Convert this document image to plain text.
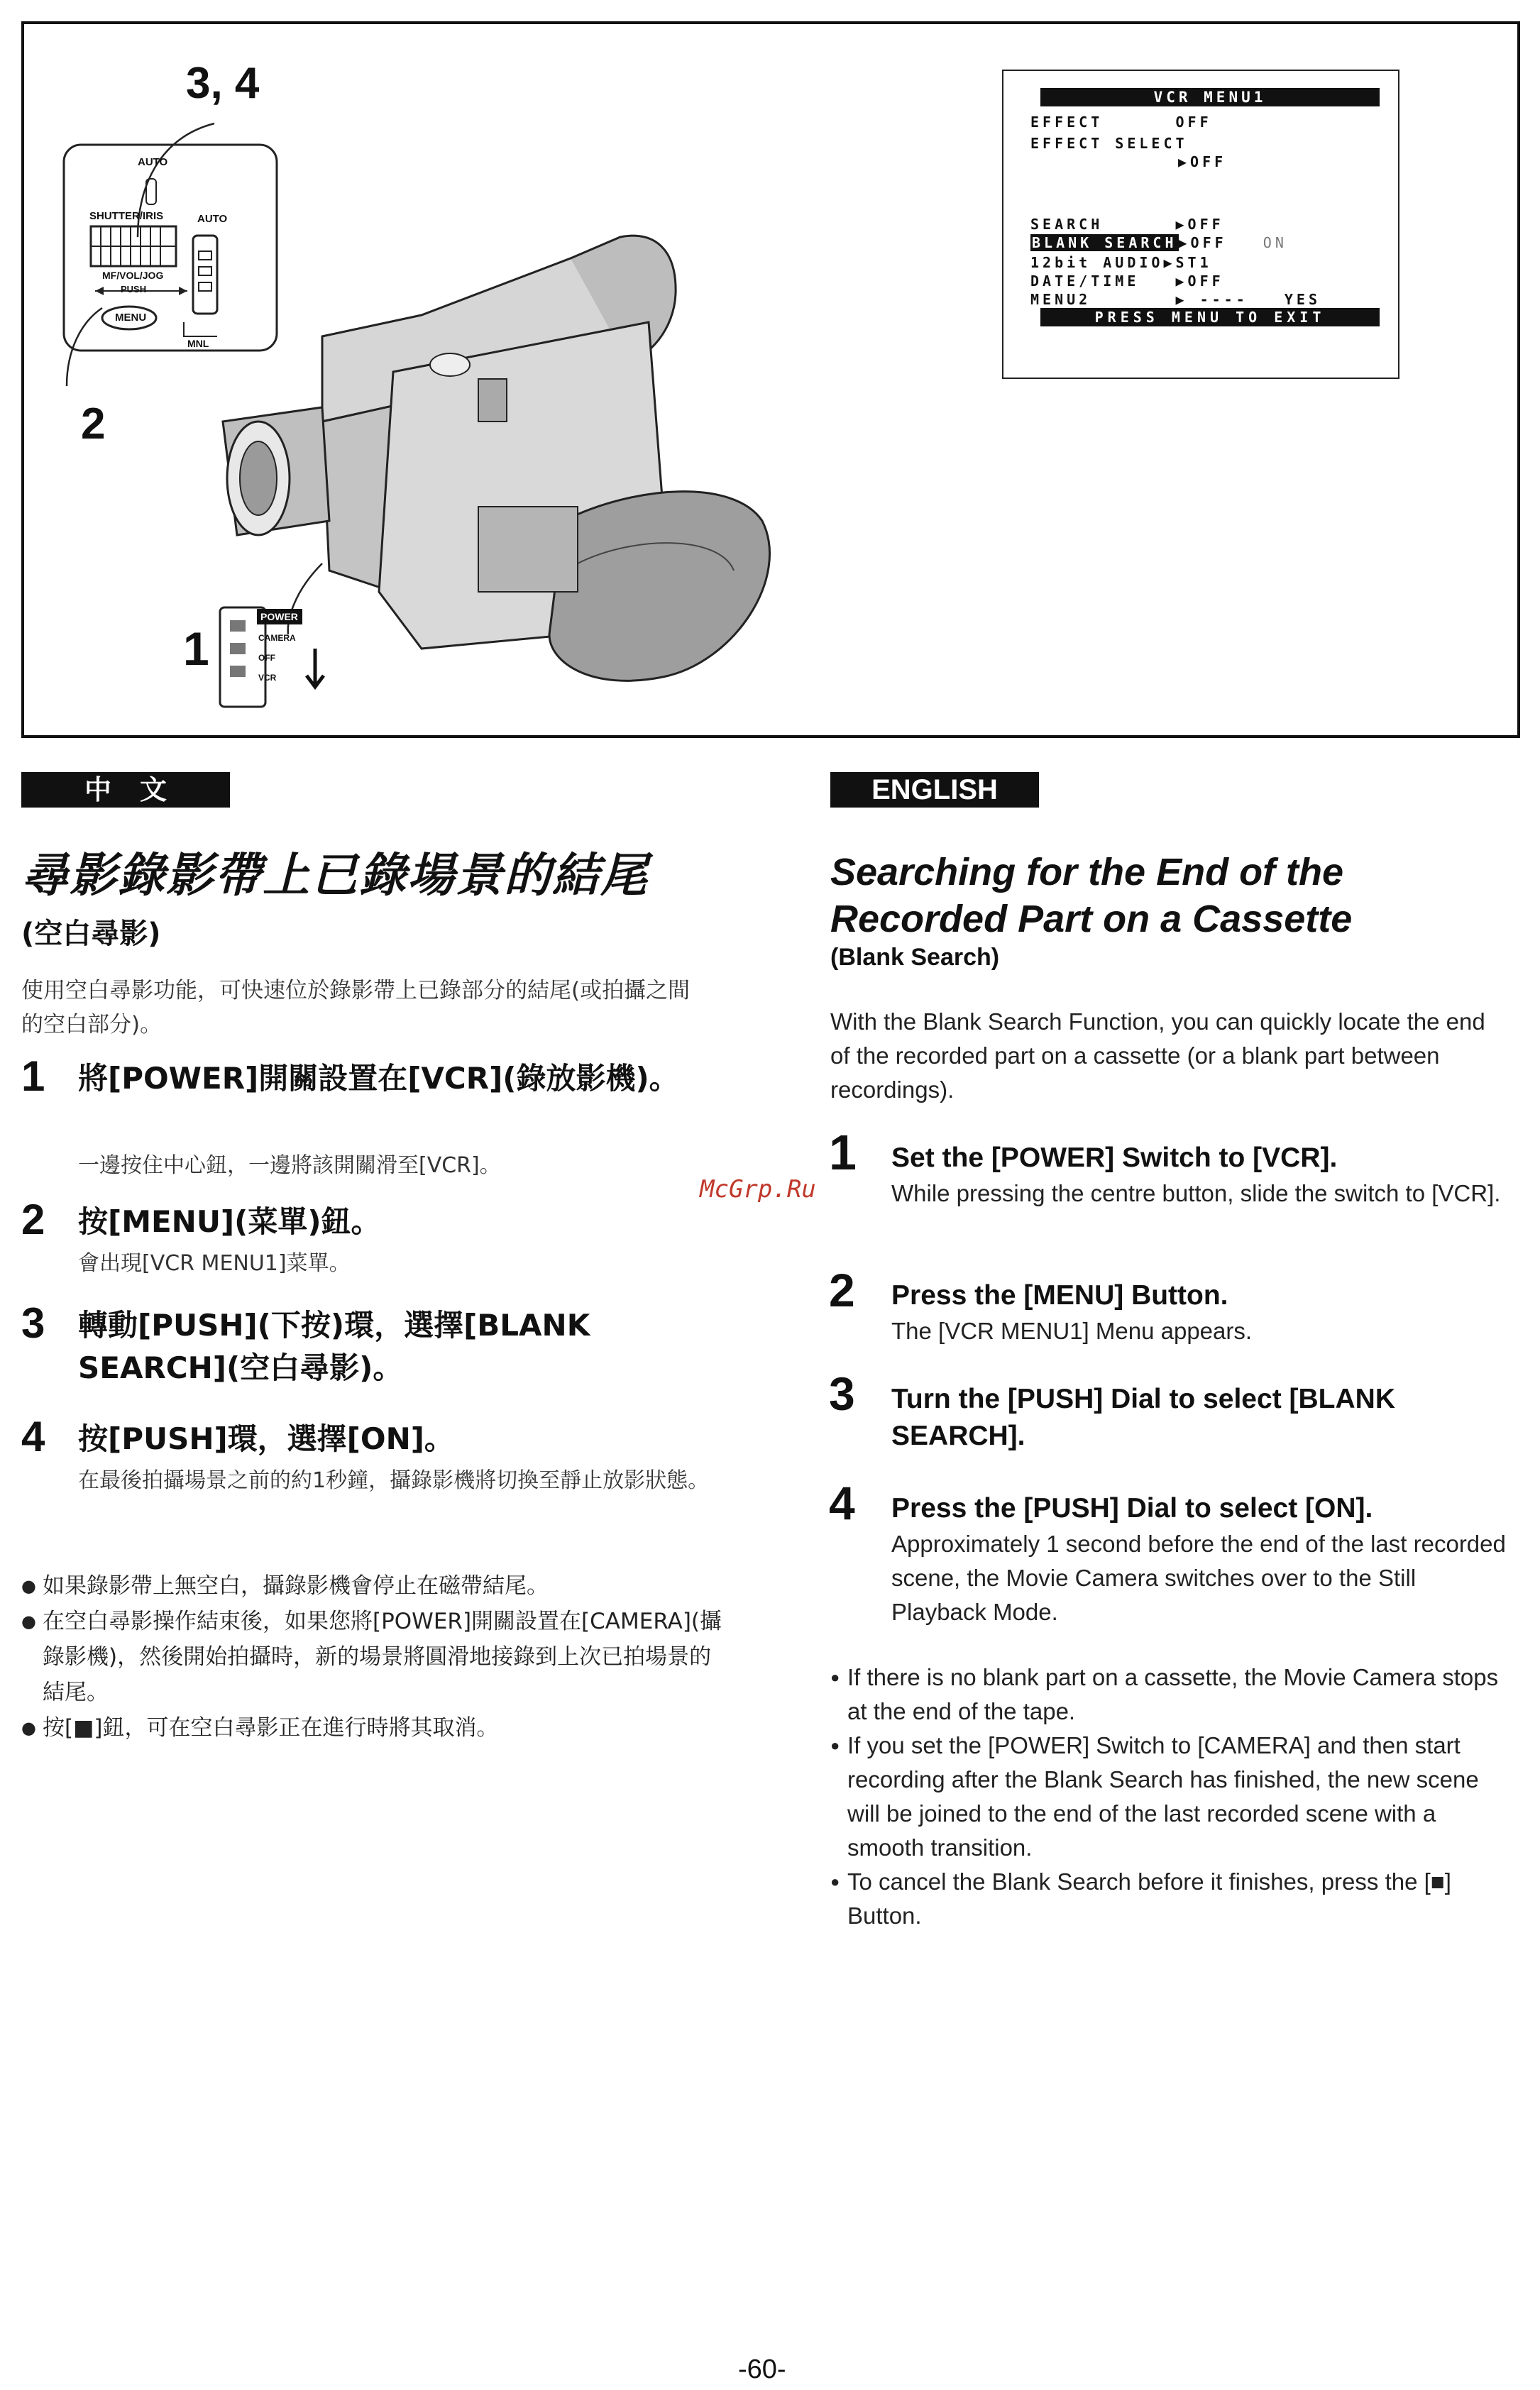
3, 4
2
1
AUTO
SHUTTER/IRIS	AUTO
MF/VOL/JOG
PUSH
MENU
MNL
POWER
CAMERA
OFF
VCR
VCR MENU1
EFFECT	OFF
EFFECT SELECT
▶OFF
SEARCH	▶OFF
BLANK SEARCH ▶OFF	ON
12bit AUDIO▶ST1
DATE/TIME	▶OFF
MENU2	▶ ----	YES
PRESS MENU TO EXIT
中文	ENGLISH
尋影錄影帶上已錄場景的結尾
(空白尋影)
使用空白尋影功能，可快速位於錄影帶上已錄部分的結尾(或拍攝之間的空白部分)。
1 將[POWER]開關設置在[VCR](錄放影機)。
一邊按住中心鈕，一邊將該開關滑至[VCR]。
2 按[MENU](菜單)鈕。
會出現[VCR MENU1]菜單。
3 轉動[PUSH](下按)環，選擇[BLANK SEARCH](空白尋影)。
4 按[PUSH]環，選擇[ON]。
在最後拍攝場景之前的約1秒鐘，攝錄影機將切換至靜止放影狀態。
● 如果錄影帶上無空白，攝錄影機會停止在磁帶結尾。
● 在空白尋影操作結束後，如果您將[POWER]開關設置在[CAMERA](攝錄影機)，然後開始拍攝時，新的場景將圓滑地接錄到上次已拍場景的結尾。
● 按[■]鈕，可在空白尋影正在進行時將其取消。
McGrp.Ru
Searching for the End of the Recorded Part on a Cassette
(Blank Search)
With the Blank Search Function, you can quickly locate the end of the recorded part on a cassette (or a blank part between recordings).
1 Set the [POWER] Switch to [VCR].
While pressing the centre button, slide the switch to [VCR].
2 Press the [MENU] Button.
The [VCR MENU1] Menu appears.
3 Turn the [PUSH] Dial to select [BLANK SEARCH].
4 Press the [PUSH] Dial to select [ON].
Approximately 1 second before the end of the last recorded scene, the Movie Camera switches over to the Still Playback Mode.
● If there is no blank part on a cassette, the Movie Camera stops at the end of the tape.
● If you set the [POWER] Switch to [CAMERA] and then start recording after the Blank Search has finished, the new scene will be joined to the end of the last recorded scene with a smooth transition.
● To cancel the Blank Search before it finishes, press the [■] Button.
-60-
